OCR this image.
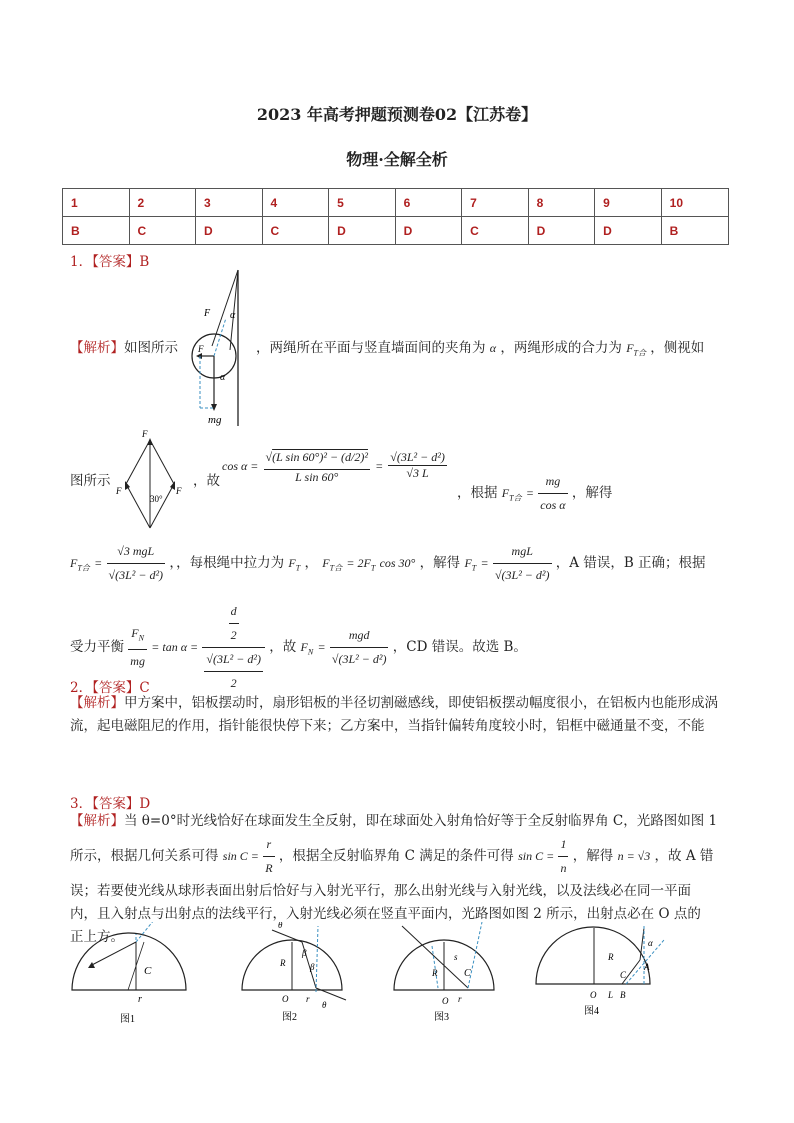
2023 年高考押题预测卷02【江苏卷】
物理·全解全析
1	2	3	4	5	6	7	8	9	10
B	C	D	C	D	D	C	D	D	B
1．【答案】B
F α
F
α
mg
【解析】如图所示	，两绳所在平面与竖直墙面间的夹角为 α ，两绳形成的合力为 $F_{T合}$ ，侧视如
F
F	F
30°
图所示	，故
$\cos \alpha = \frac{\text{√(L sin 60°)² − (d/2)²}}{\text{L sin 60°}} = \frac{\text{√(3L² − d²)}}{√3 L}$
，根据 $F_{T合} = \frac{mg}{\text{cos α}}$ ，解得
$F_{T合} = \frac{\text{√3 mgL}}{\text{√(3L² − d²)}}$ ，，每根绳中拉力为 $F_T$ ， $F_{T合} = 2F_T$ cos 30° ，解得 $F_T = \frac{\text{mgL}}{\text{√(3L² − d²)}}$ ，A 错误，B 正确；根据
受力平衡 $\frac{F_N}{mg} = \tan \alpha = \frac{\frac{d}{2}}{\frac{\text{√(3L² − d²)}}{2}}$ ，故 $F_N = \frac{\text{mgd}}{\text{√(3L² − d²)}}$ ，CD 错误。故选 B。
2．【答案】C
【解析】甲方案中，铝板摆动时，扇形铝板的半径切割磁感线，即使铝板摆动幅度很小，在铝板内也能形成涡流，起电磁阻尼的作用，指针能很快停下来；乙方案中，当指针偏转角度较小时，铝框中磁通量不变，不能
3．【答案】D
【解析】当 θ=0°时光线恰好在球面发生全反射，即在球面处入射角恰好等于全反射临界角 C，光路图如图 1
所示，根据几何关系可得 $\sin C = \frac{r}{R}$ ，根据全反射临界角 C 满足的条件可得 $\sin C = \frac{1}{n}$ ，解得 n = √3 ，故 A 错
误；若要使光线从球形表面出射后恰好与入射光平行，那么出射光线与入射光线，以及法线必在同一平面
内，且入射点与出射点的法线平行，入射光线必须在竖直平面内，光路图如图 2 所示，出射点必在 O 点的
正上方。
C
r
图1
θ
β
R	β
O r
θ
图2
R
s
C
O r
图3
α
R
C
A
O L B
图4
